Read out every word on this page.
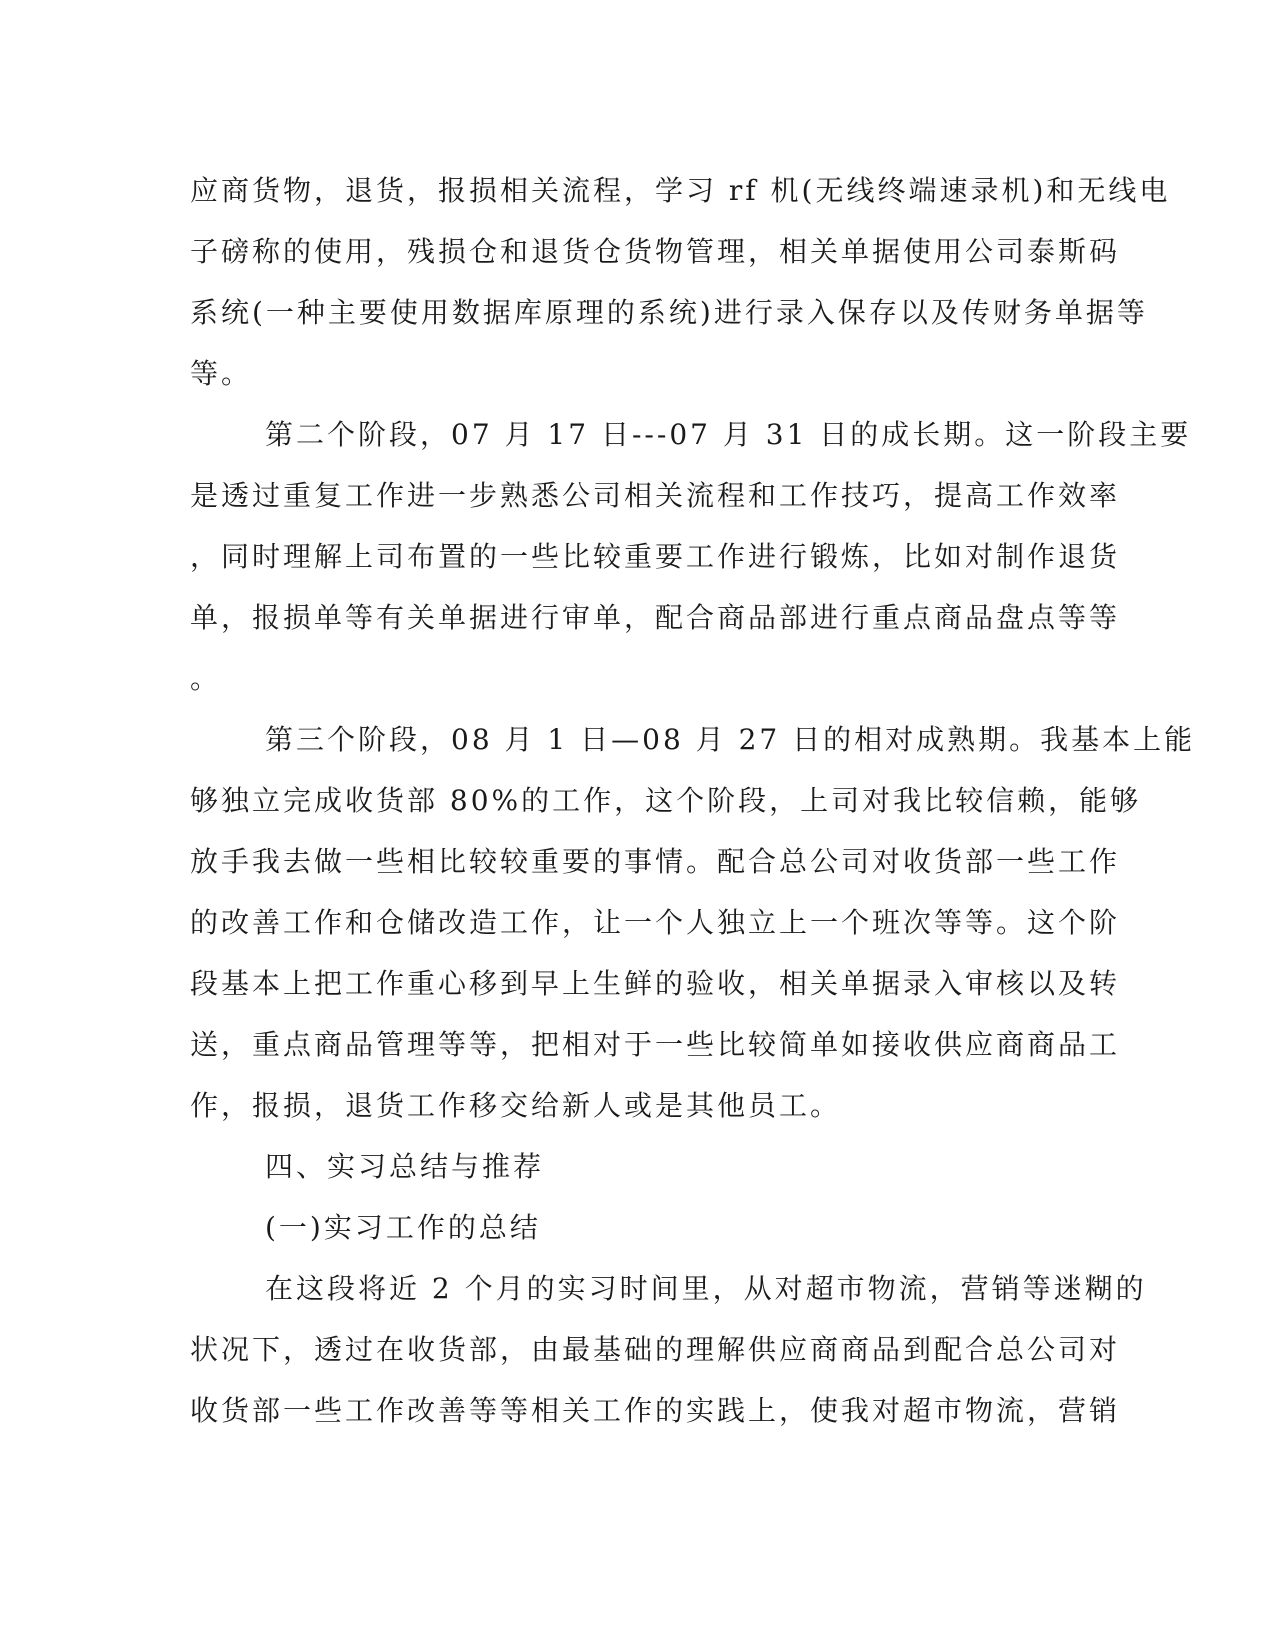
应商货物，退货，报损相关流程，学习 rf 机(无线终端速录机)和无线电
子磅称的使用，残损仓和退货仓货物管理，相关单据使用公司泰斯码
系统(一种主要使用数据库原理的系统)进行录入保存以及传财务单据等
等。
第二个阶段，07 月 17 日---07 月 31 日的成长期。这一阶段主要
是透过重复工作进一步熟悉公司相关流程和工作技巧，提高工作效率
，同时理解上司布置的一些比较重要工作进行锻炼，比如对制作退货
单，报损单等有关单据进行审单，配合商品部进行重点商品盘点等等
。
第三个阶段，08 月 1 日—08 月 27 日的相对成熟期。我基本上能
够独立完成收货部 80%的工作，这个阶段，上司对我比较信赖，能够
放手我去做一些相比较较重要的事情。配合总公司对收货部一些工作
的改善工作和仓储改造工作，让一个人独立上一个班次等等。这个阶
段基本上把工作重心移到早上生鲜的验收，相关单据录入审核以及转
送，重点商品管理等等，把相对于一些比较简单如接收供应商商品工
作，报损，退货工作移交给新人或是其他员工。
四、实习总结与推荐
(一)实习工作的总结
在这段将近 2 个月的实习时间里，从对超市物流，营销等迷糊的
状况下，透过在收货部，由最基础的理解供应商商品到配合总公司对
收货部一些工作改善等等相关工作的实践上，使我对超市物流，营销
